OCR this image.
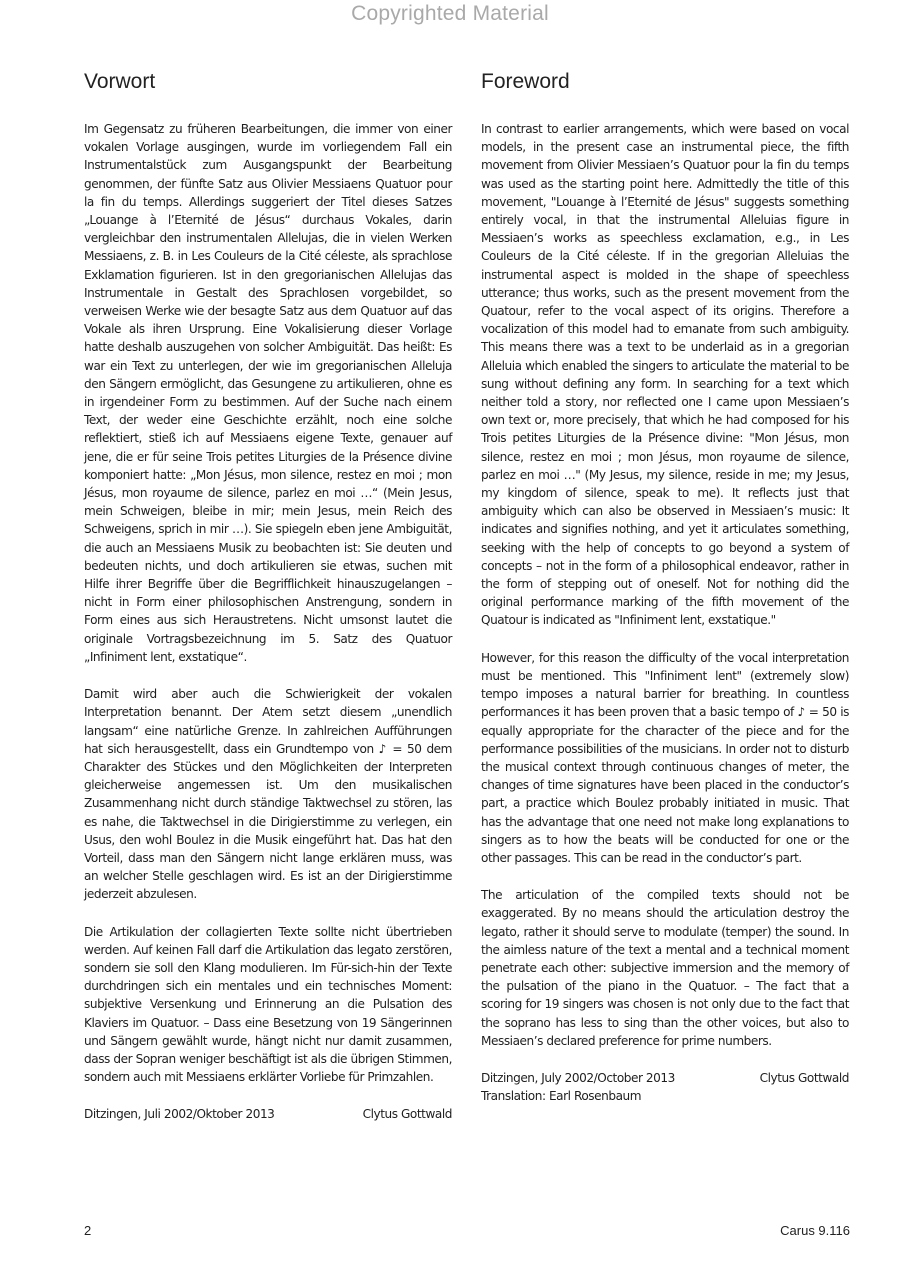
Copyrighted Material
Vorwort

Im Gegensatz zu früheren Bearbeitungen, die immer von einer vokalen Vorlage ausgingen, wurde im vorliegendem Fall ein Instrumentalstück zum Ausgangspunkt der Bearbeitung genommen, der fünfte Satz aus Olivier Messiaens Quatuor pour la fin du temps. Allerdings suggeriert der Titel dieses Satzes „Louange à l’Eternité de Jésus“ durchaus Vokales, darin vergleichbar den instrumentalen Allelujas, die in vielen Werken Messiaens, z. B. in Les Couleurs de la Cité céleste, als sprachlose Exklamation figurieren. Ist in den gregorianischen Allelujas das Instrumentale in Gestalt des Sprachlosen vorgebildet, so verweisen Werke wie der besagte Satz aus dem Quatuor auf das Vokale als ihren Ursprung. Eine Vokalisierung dieser Vorlage hatte deshalb auszugehen von solcher Ambiguität. Das heißt: Es war ein Text zu unterlegen, der wie im gregorianischen Alleluja den Sängern ermöglicht, das Gesungene zu artikulieren, ohne es in irgendeiner Form zu bestimmen. Auf der Suche nach einem Text, der weder eine Geschichte erzählt, noch eine solche reflektiert, stieß ich auf Messiaens eigene Texte, genauer auf jene, die er für seine Trois petites Liturgies de la Présence divine komponiert hatte: „Mon Jésus, mon silence, restez en moi ; mon Jésus, mon royaume de silence, parlez en moi …“ (Mein Jesus, mein Schweigen, bleibe in mir; mein Jesus, mein Reich des Schweigens, sprich in mir …). Sie spiegeln eben jene Ambiguität, die auch an Messiaens Musik zu beobachten ist: Sie deuten und bedeuten nichts, und doch artikulieren sie etwas, suchen mit Hilfe ihrer Begriffe über die Begrifflichkeit hinauszugelangen – nicht in Form einer philosophischen Anstrengung, sondern in Form eines aus sich Heraustretens. Nicht umsonst lautet die originale Vortragsbezeichnung im 5. Satz des Quatuor „Infiniment lent, exstatique“.

Damit wird aber auch die Schwierigkeit der vokalen Interpretation benannt. Der Atem setzt diesem „unendlich langsam“ eine natürliche Grenze. In zahlreichen Aufführungen hat sich herausgestellt, dass ein Grundtempo von ♪ = 50 dem Charakter des Stückes und den Möglichkeiten der Interpreten gleicherweise angemessen ist. Um den musikalischen Zusammenhang nicht durch ständige Taktwechsel zu stören, las es nahe, die Taktwechsel in die Dirigierstimme zu verlegen, ein Usus, den wohl Boulez in die Musik eingeführt hat. Das hat den Vorteil, dass man den Sängern nicht lange erklären muss, was an welcher Stelle geschlagen wird. Es ist an der Dirigierstimme jederzeit abzulesen.

Die Artikulation der collagierten Texte sollte nicht übertrieben werden. Auf keinen Fall darf die Artikulation das legato zerstören, sondern sie soll den Klang modulieren. Im Für-sich-hin der Texte durchdringen sich ein mentales und ein technisches Moment: subjektive Versenkung und Erinnerung an die Pulsation des Klaviers im Quatuor. – Dass eine Besetzung von 19 Sängerinnen und Sängern gewählt wurde, hängt nicht nur damit zusammen, dass der Sopran weniger beschäftigt ist als die übrigen Stimmen, sondern auch mit Messiaens erklärter Vorliebe für Primzahlen.

Ditzingen, Juli 2002/Oktober 2013	Clytus Gottwald
Foreword

In contrast to earlier arrangements, which were based on vocal models, in the present case an instrumental piece, the fifth movement from Olivier Messiaen’s Quatuor pour la fin du temps was used as the starting point here. Admittedly the title of this movement, "Louange à l’Eternité de Jésus" suggests something entirely vocal, in that the instrumental Alleluias figure in Messiaen’s works as speechless exclamation, e.g., in Les Couleurs de la Cité céleste. If in the gregorian Alleluias the instrumental aspect is molded in the shape of speechless utterance; thus works, such as the present movement from the Quatour, refer to the vocal aspect of its origins. Therefore a vocalization of this model had to emanate from such ambiguity. This means there was a text to be underlaid as in a gregorian Alleluia which enabled the singers to articulate the material to be sung without defining any form. In searching for a text which neither told a story, nor reflected one I came upon Messiaen’s own text or, more precisely, that which he had composed for his Trois petites Liturgies de la Présence divine: "Mon Jésus, mon silence, restez en moi ; mon Jésus, mon royaume de silence, parlez en moi …" (My Jesus, my silence, reside in me; my Jesus, my kingdom of silence, speak to me). It reflects just that ambiguity which can also be observed in Messiaen’s music: It indicates and signifies nothing, and yet it articulates something, seeking with the help of concepts to go beyond a system of concepts – not in the form of a philosophical endeavor, rather in the form of stepping out of oneself. Not for nothing did the original performance marking of the fifth movement of the Quatour is indicated as "Infiniment lent, exstatique."

However, for this reason the difficulty of the vocal interpretation must be mentioned. This "Infiniment lent" (extremely slow) tempo imposes a natural barrier for breathing. In countless performances it has been proven that a basic tempo of ♪ = 50 is equally appropriate for the character of the piece and for the performance possibilities of the musicians. In order not to disturb the musical context through continuous changes of meter, the changes of time signatures have been placed in the conductor’s part, a practice which Boulez probably initiated in music. That has the advantage that one need not make long explanations to singers as to how the beats will be conducted for one or the other passages. This can be read in the conductor’s part.

The articulation of the compiled texts should not be exaggerated. By no means should the articulation destroy the legato, rather it should serve to modulate (temper) the sound. In the aimless nature of the text a mental and a technical moment penetrate each other: subjective immersion and the memory of the pulsation of the piano in the Quatuor. – The fact that a scoring for 19 singers was chosen is not only due to the fact that the soprano has less to sing than the other voices, but also to Messiaen’s declared preference for prime numbers.

Ditzingen, July 2002/October 2013	Clytus Gottwald
Translation: Earl Rosenbaum
2	Carus 9.116
